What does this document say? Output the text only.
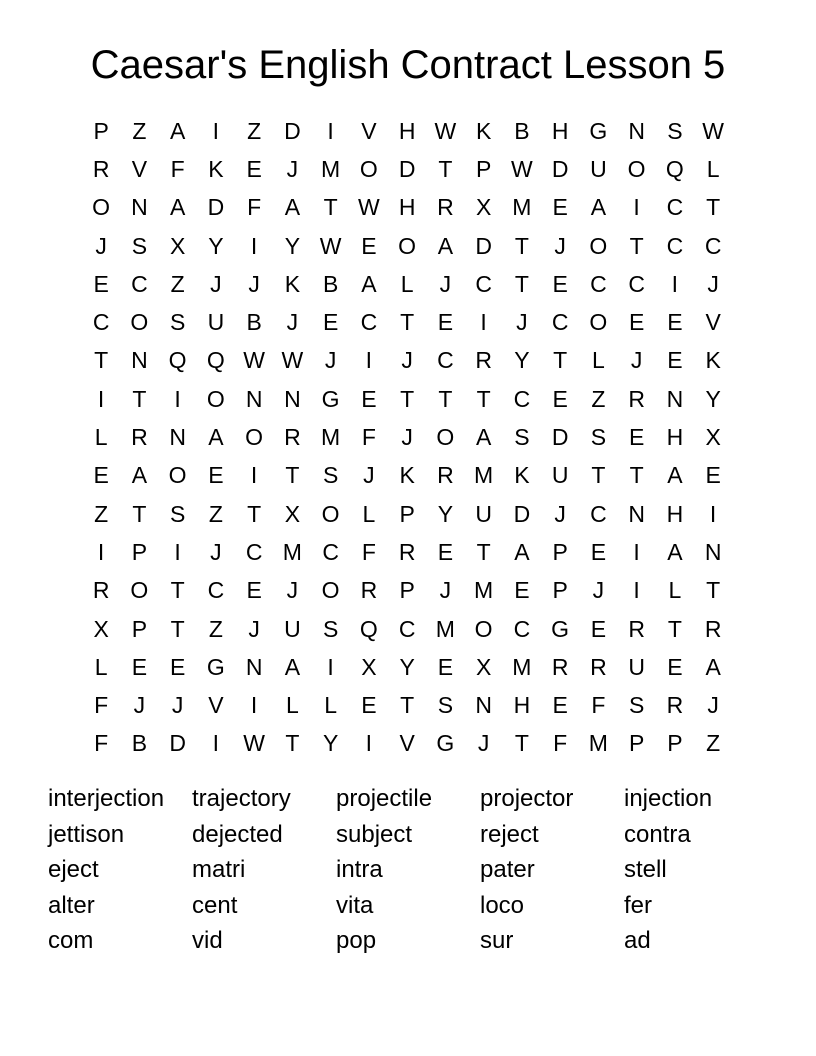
Caesar's English Contract Lesson 5
P	Z	A	I	Z D	I	V H W K B H G N S W
R V	F	K E	J M O D T	P W D U O Q L
O N A D F	A	T W H R X M E A	I	C T
J	S X Y	I	Y W E O A D T	J	O T C C
E C Z	J	J	K B A	L	J	C T	E C C	I	J
C O S U B	J	E C T	E	I	J	C O E E V
T N Q Q W W J	I	J	C R Y	T	L	J	E K
I	T	I	O N N G E	T	T	T C E	Z R N Y
L	R N A O R M F	J	O A S D S E H X
E A O E	I	T	S	J	K R M K U T	T	A E
Z	T	S	Z	T	X O L	P Y U D	J	C N H	I
I	P	I	J	C M C F R E	T	A P E	I	A N
R O T C E	J	O R P	J M E P	J	I	L	T
X P	T	Z	J	U S Q C M O C G E R T R
L	E E G N A	I	X Y E X M R R U E A
F	J	J	V	I	L	L	E	T	S N H E	F	S R	J
F	B D	I	W T	Y	I	V G	J	T	F M P P	Z
interjection	trajectory	projectile	projector	injection
jettison	dejected	subject	reject	contra
eject	matri	intra	pater	stell
alter	cent	vita	loco	fer
com	vid	pop	sur	ad
